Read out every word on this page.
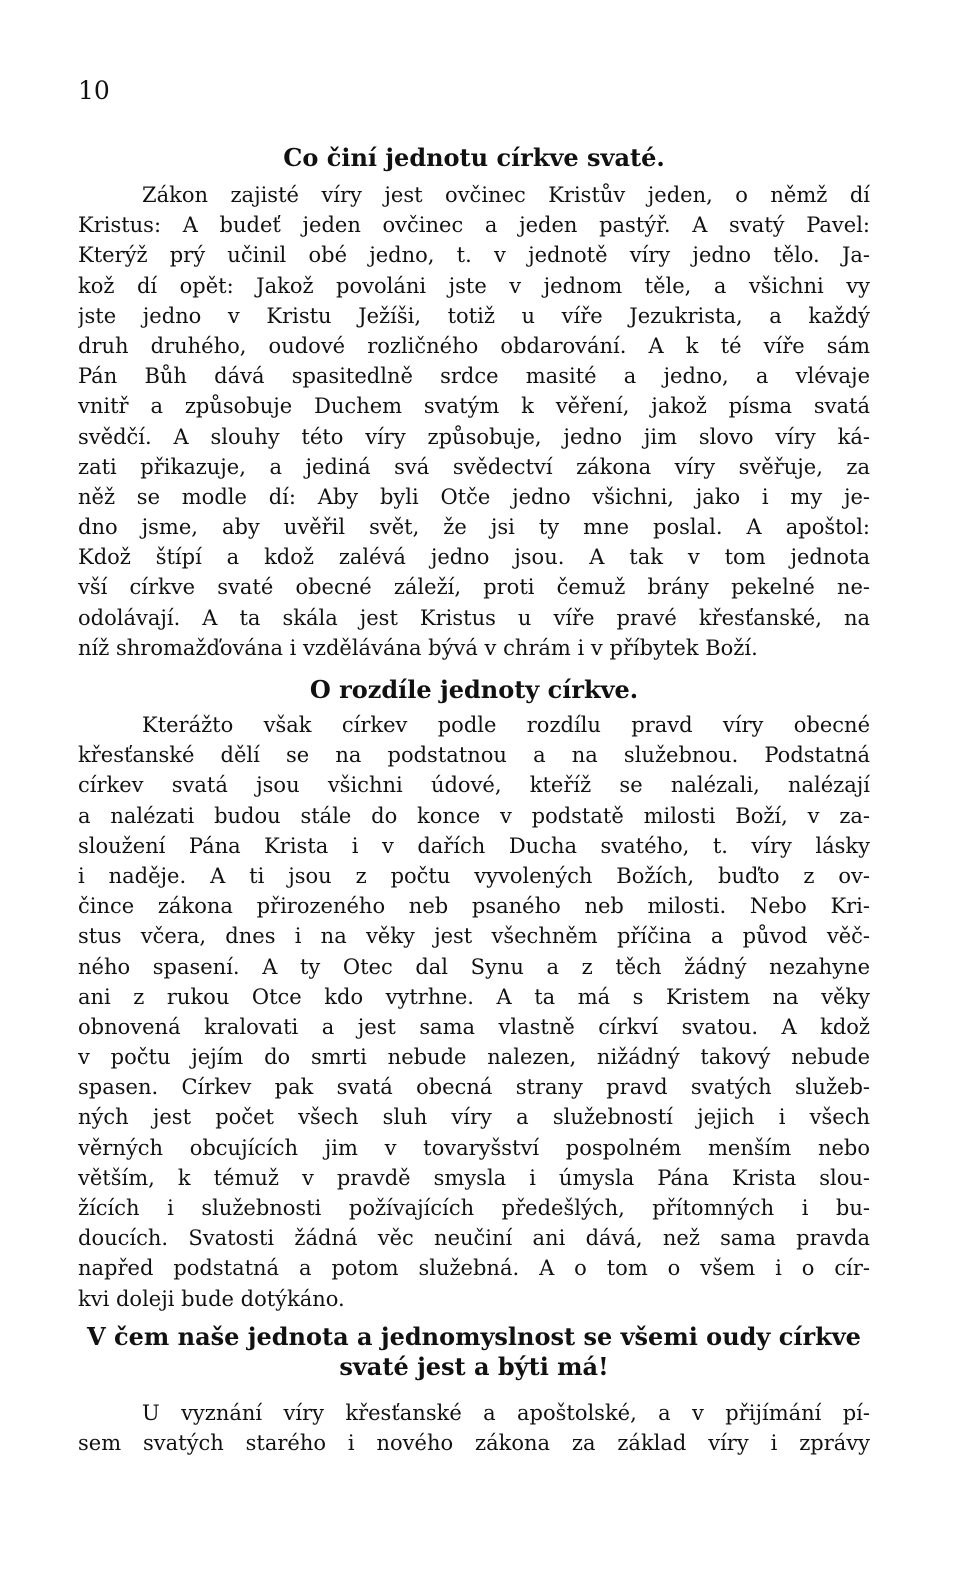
10
Co činí jednotu církve svaté.
Zákon zajisté víry jest ovčinec Kristův jeden, o němž dí
Kristus: A budeť jeden ovčinec a jeden pastýř. A svatý Pavel:
Kterýž prý učinil obé jedno, t. v jednotě víry jedno tělo. Ja-
kož dí opět: Jakož povoláni jste v jednom těle, a všichni vy
jste jedno v Kristu Ježíši, totiž u víře Jezukrista, a každý
druh druhého, oudové rozličného obdarování. A k té víře sám
Pán Bůh dává spasitedlně srdce masité a jedno, a vlévaje
vnitř a způsobuje Duchem svatým k věření, jakož písma svatá
svědčí. A slouhy této víry způsobuje, jedno jim slovo víry ká-
zati přikazuje, a jediná svá svědectví zákona víry svěřuje, za
něž se modle dí: Aby byli Otče jedno všichni, jako i my je-
dno jsme, aby uvěřil svět, že jsi ty mne poslal. A apoštol:
Kdož štípí a kdož zalévá jedno jsou. A tak v tom jednota
vší církve svaté obecné záleží, proti čemuž brány pekelné ne-
odolávají. A ta skála jest Kristus u víře pravé křesťanské, na
níž shromažďována i vzdělávána bývá v chrám i v příbytek Boží.
O rozdíle jednoty církve.
Kterážto však církev podle rozdílu pravd víry obecné
křesťanské dělí se na podstatnou a na služebnou. Podstatná
církev svatá jsou všichni údové, kteříž se nalézali, nalézají
a nalézati budou stále do konce v podstatě milosti Boží, v za-
sloužení Pána Krista i v dařích Ducha svatého, t. víry lásky
i naděje. A ti jsou z počtu vyvolených Božích, buďto z ov-
čince zákona přirozeného neb psaného neb milosti. Nebo Kri-
stus včera, dnes i na věky jest všechněm příčina a původ věč-
ného spasení. A ty Otec dal Synu a z těch žádný nezahyne
ani z rukou Otce kdo vytrhne. A ta má s Kristem na věky
obnovená kralovati a jest sama vlastně církví svatou. A kdož
v počtu jejím do smrti nebude nalezen, nižádný takový nebude
spasen. Církev pak svatá obecná strany pravd svatých služeb-
ných jest počet všech sluh víry a služebností jejich i všech
věrných obcujících jim v tovaryšství pospolném menším nebo
větším, k témuž v pravdě smysla i úmysla Pána Krista slou-
žících i služebnosti požívajících předešlých, přítomných i bu-
doucích. Svatosti žádná věc neučiní ani dává, než sama pravda
napřed podstatná a potom služebná. A o tom o všem i o cír-
kvi doleji bude dotýkáno.
V čem naše jednota a jednomyslnost se všemi oudy církve
svaté jest a býti má!
U vyznání víry křesťanské a apoštolské, a v přijímání pí-
sem svatých starého i nového zákona za základ víry i zprávy
